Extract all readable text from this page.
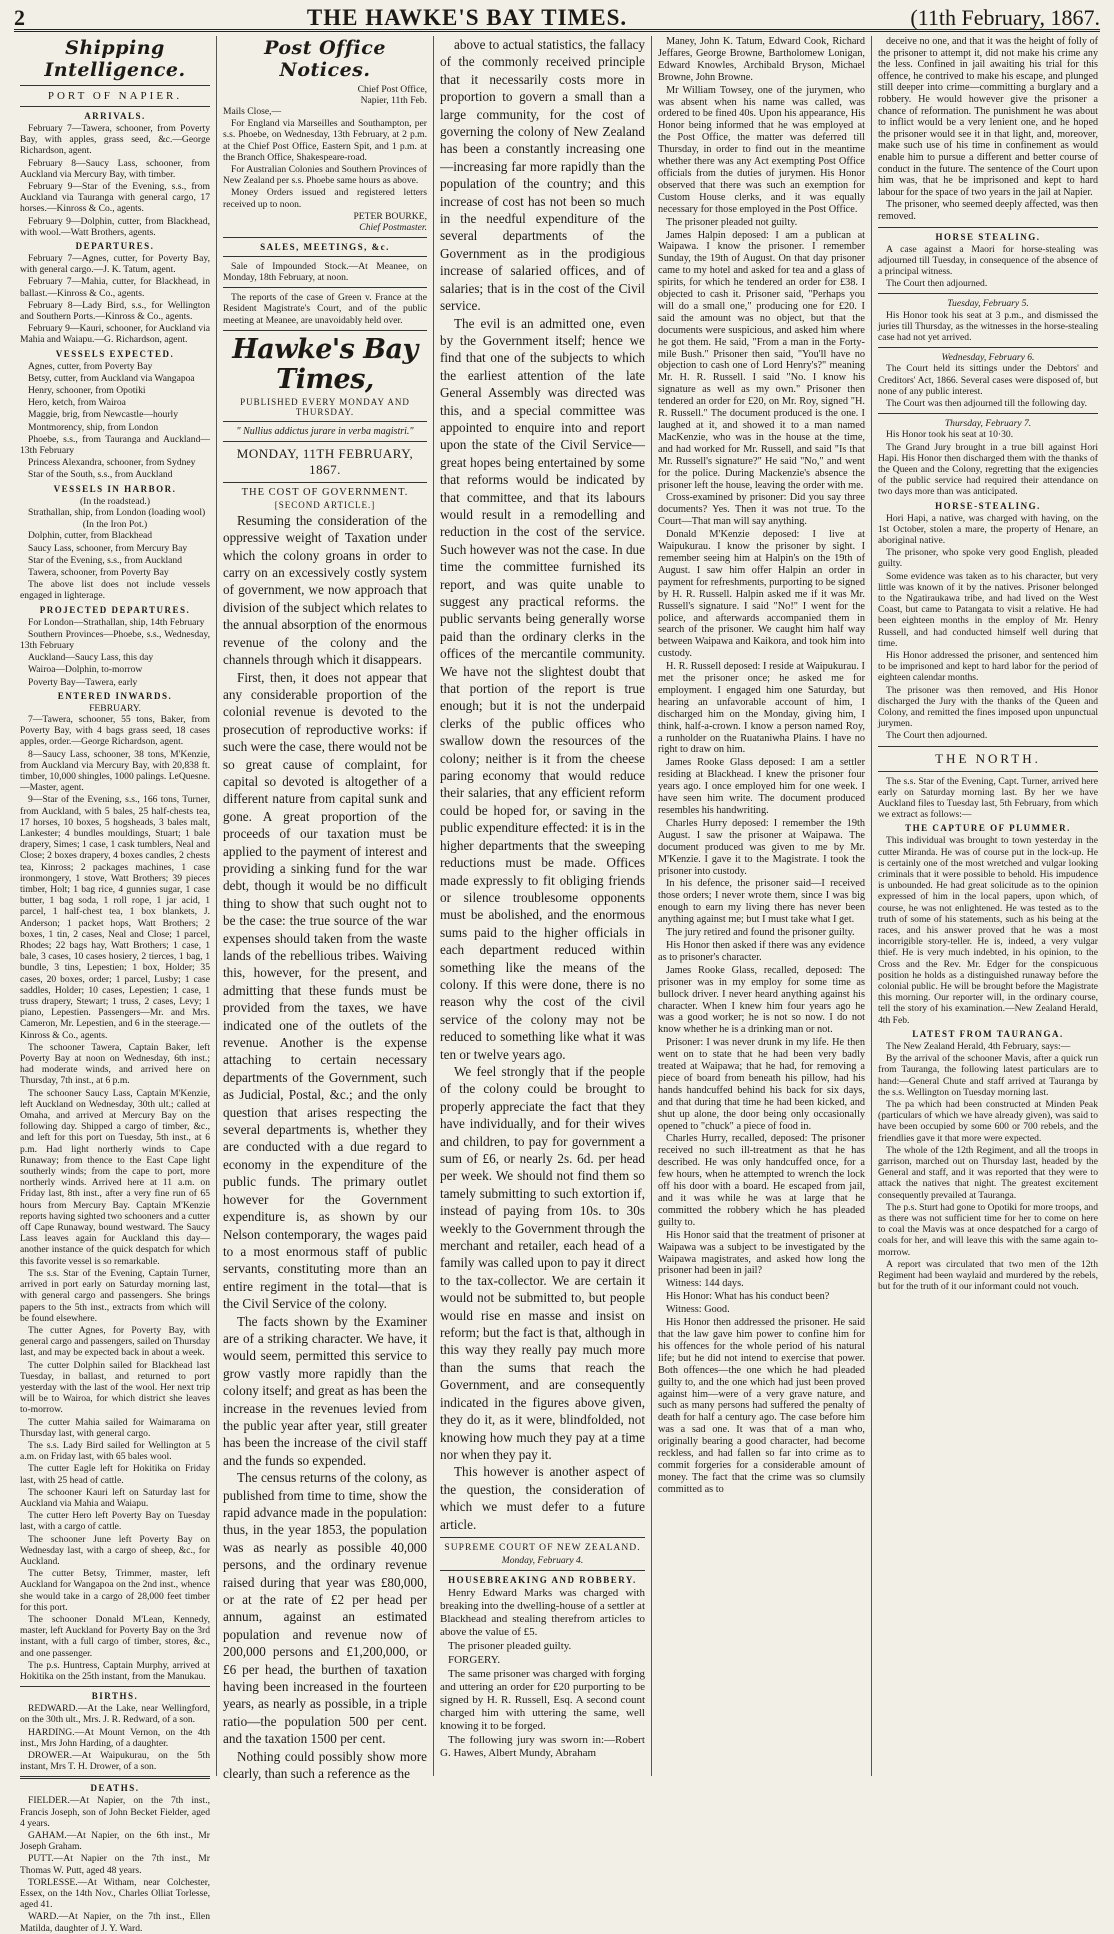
2	THE HAWKE'S BAY TIMES.	(11th February, 1867.
Shipping Intelligence.
PORT OF NAPIER.
ARRIVALS.

February 7—Tawera, schooner, from Poverty Bay, with apples, grass seed, &c.—George Richardson, agent.

February 8—Saucy Lass, schooner, from Auckland via Mercury Bay, with timber.

February 9—Star of the Evening, s.s., from Auckland via Tauranga with general cargo, 17 horses.—Kinross & Co., agents.

February 9—Dolphin, cutter, from Blackhead, with wool.—Watt Brothers, agents.

DEPARTURES.

February 7—Agnes, cutter, for Poverty Bay, with general cargo.—J. K. Tatum, agent.

February 7—Mahia, cutter, for Blackhead, in ballast.—Kinross & Co., agents.

February 8—Lady Bird, s.s., for Wellington and Southern Ports.—Kinross & Co., agents.

February 9—Kauri, schooner, for Auckland via Mahia and Waiapu.—G. Richardson, agent.

VESSELS EXPECTED.

Agnes, cutter, from Poverty Bay

Betsy, cutter, from Auckland via Wangapoa

Henry, schooner, from Opotiki

Hero, ketch, from Wairoa

Maggie, brig, from Newcastle—hourly

Montmorency, ship, from London

Phoebe, s.s., from Tauranga and Auckland—13th February

Princess Alexandra, schooner, from Sydney

Star of the South, s.s., from Auckland

VESSELS IN HARBOR.
(In the roadstead.)

Strathallan, ship, from London (loading wool)

(In the Iron Pot.)

Dolphin, cutter, from Blackhead

Saucy Lass, schooner, from Mercury Bay

Star of the Evening, s.s., from Auckland

Tawera, schooner, from Poverty Bay

The above list does not include vessels engaged in lighterage.

PROJECTED DEPARTURES.

For London—Strathallan, ship, 14th February

Southern Provinces—Phoebe, s.s., Wednesday, 13th February

Auckland—Saucy Lass, this day

Wairoa—Dolphin, to-morrow

Poverty Bay—Tawera, early

ENTERED INWARDS.
FEBRUARY.

7—Tawera, schooner, 55 tons, Baker, from Poverty Bay, with 4 bags grass seed, 18 cases apples, order.—George Richardson, agent.

8—Saucy Lass, schooner, 38 tons, M'Kenzie, from Auckland via Mercury Bay, with 20,838 ft. timber, 10,000 shingles, 1000 palings. LeQuesne.—Master, agent.

9—Star of the Evening, s.s., 166 tons, Turner, from Auckland, with 5 bales, 25 half-chests tea, 17 horses, 10 boxes, 5 hogsheads, 3 bales malt, Lankester; 4 bundles mouldings, Stuart; 1 bale drapery, Simes; 1 case, 1 cask tumblers, Neal and Close; 2 boxes drapery, 4 boxes candles, 2 chests tea, Kinross; 2 packages machines, 1 case ironmongery, 1 stove, Watt Brothers; 39 pieces timber, Holt; 1 bag rice, 4 gunnies sugar, 1 case butter, 1 bag soda, 1 roll rope, 1 jar acid, 1 parcel, 1 half-chest tea, 1 box blankets, J. Anderson; 1 packet hops, Watt Brothers; 2 boxes, 1 tin, 2 cases, Neal and Close; 1 parcel, Rhodes; 22 bags hay, Watt Brothers; 1 case, 1 bale, 3 cases, 10 cases hosiery, 2 tierces, 1 bag, 1 bundle, 3 tins, Lepestien; 1 box, Holder; 35 cases, 20 boxes, order; 1 parcel, Lusby; 1 case saddles, Holder; 10 cases, Lepestien; 1 case, 1 truss drapery, Stewart; 1 truss, 2 cases, Levy; 1 piano, Lepestien. Passengers—Mr. and Mrs. Cameron, Mr. Lepestien, and 6 in the steerage.—Kinross & Co., agents.

The schooner Tawera, Captain Baker, left Poverty Bay at noon on Wednesday, 6th inst.; had moderate winds, and arrived here on Thursday, 7th inst., at 6 p.m.

The schooner Saucy Lass, Captain M'Kenzie, left Auckland on Wednesday, 30th ult.; called at Omaha, and arrived at Mercury Bay on the following day. Shipped a cargo of timber, &c., and left for this port on Tuesday, 5th inst., at 6 p.m. Had light northerly winds to Cape Runaway; from thence to the East Cape light southerly winds; from the cape to port, more northerly winds. Arrived here at 11 a.m. on Friday last, 8th inst., after a very fine run of 65 hours from Mercury Bay. Captain M'Kenzie reports having sighted two schooners and a cutter off Cape Runaway, bound westward. The Saucy Lass leaves again for Auckland this day—another instance of the quick despatch for which this favorite vessel is so remarkable.

The s.s. Star of the Evening, Captain Turner, arrived in port early on Saturday morning last, with general cargo and passengers. She brings papers to the 5th inst., extracts from which will be found elsewhere.

The cutter Agnes, for Poverty Bay, with general cargo and passengers, sailed on Thursday last, and may be expected back in about a week.

The cutter Dolphin sailed for Blackhead last Tuesday, in ballast, and returned to port yesterday with the last of the wool. Her next trip will be to Wairoa, for which district she leaves to-morrow.

The cutter Mahia sailed for Waimarama on Thursday last, with general cargo.

The s.s. Lady Bird sailed for Wellington at 5 a.m. on Friday last, with 65 bales wool.

The cutter Eagle left for Hokitika on Friday last, with 25 head of cattle.

The schooner Kauri left on Saturday last for Auckland via Mahia and Waiapu.

The cutter Hero left Poverty Bay on Tuesday last, with a cargo of cattle.

The schooner June left Poverty Bay on Wednesday last, with a cargo of sheep, &c., for Auckland.

The cutter Betsy, Trimmer, master, left Auckland for Wangapoa on the 2nd inst., whence she would take in a cargo of 28,000 feet timber for this port.

The schooner Donald M'Lean, Kennedy, master, left Auckland for Poverty Bay on the 3rd instant, with a full cargo of timber, stores, &c., and one passenger.

The p.s. Huntress, Captain Murphy, arrived at Hokitika on the 25th instant, from the Manukau.

BIRTHS.

REDWARD.—At the Lake, near Wellingford, on the 30th ult., Mrs. J. R. Redward, of a son.

HARDING.—At Mount Vernon, on the 4th inst., Mrs John Harding, of a daughter.

DROWER.—At Waipukurau, on the 5th instant, Mrs T. H. Drower, of a son.

DEATHS.

FIELDER.—At Napier, on the 7th inst., Francis Joseph, son of John Becket Fielder, aged 4 years.

GAHAM.—At Napier, on the 6th inst., Mr Joseph Graham.

PUTT.—At Napier on the 7th inst., Mr Thomas W. Putt, aged 48 years.

TORLESSE.—At Witham, near Colchester, Essex, on the 14th Nov., Charles Olliat Torlesse, aged 41.

WARD.—At Napier, on the 7th inst., Ellen Matilda, daughter of J. Y. Ward.

Post Office Notices.
Chief Post Office,
Napier, 11th Feb.

Mails Close,—

For England via Marseilles and Southampton, per s.s. Phoebe, on Wednesday, 13th February, at 2 p.m. at the Chief Post Office, Eastern Spit, and 1 p.m. at the Branch Office, Shakespeare-road.

For Australian Colonies and Southern Provinces of New Zealand per s.s. Phoebe same hours as above.

Money Orders issued and registered letters received up to noon.

PETER BOURKE,
Chief Postmaster.
SALES, MEETINGS, &c.

Sale of Impounded Stock.—At Meanee, on Monday, 18th February, at noon.

The reports of the case of Green v. France at the Resident Magistrate's Court, and of the public meeting at Meanee, are unavoidably held over.

Hawke's Bay Times,
PUBLISHED EVERY MONDAY AND THURSDAY.
" Nullius addictus jurare in verba magistri."
MONDAY, 11TH FEBRUARY, 1867.
THE COST OF GOVERNMENT.
[SECOND ARTICLE.]

Resuming the consideration of the oppressive weight of Taxation under which the colony groans in order to carry on an excessively costly system of government, we now approach that division of the subject which relates to the annual absorption of the enormous revenue of the colony and the channels through which it disappears.

First, then, it does not appear that any considerable proportion of the colonial revenue is devoted to the prosecution of reproductive works: if such were the case, there would not be so great cause of complaint, for capital so devoted is altogether of a different nature from capital sunk and gone. A great proportion of the proceeds of our taxation must be applied to the payment of interest and providing a sinking fund for the war debt, though it would be no difficult thing to show that such ought not to be the case: the true source of the war expenses should taken from the waste lands of the rebellious tribes. Waiving this, however, for the present, and admitting that these funds must be provided from the taxes, we have indicated one of the outlets of the revenue. Another is the expense attaching to certain necessary departments of the Government, such as Judicial, Postal, &c.; and the only question that arises respecting the several departments is, whether they are conducted with a due regard to economy in the expenditure of the public funds. The primary outlet however for the Government expenditure is, as shown by our Nelson contemporary, the wages paid to a most enormous staff of public servants, constituting more than an entire regiment in the total—that is the Civil Service of the colony.

The facts shown by the Examiner are of a striking character. We have, it would seem, permitted this service to grow vastly more rapidly than the colony itself; and great as has been the increase in the revenues levied from the public year after year, still greater has been the increase of the civil staff and the funds so expended.

The census returns of the colony, as published from time to time, show the rapid advance made in the population: thus, in the year 1853, the population was as nearly as possible 40,000 persons, and the ordinary revenue raised during that year was £80,000, or at the rate of £2 per head per annum, against an estimated population and revenue now of 200,000 persons and £1,200,000, or £6 per head, the burthen of taxation having been increased in the fourteen years, as nearly as possible, in a triple ratio—the population 500 per cent. and the taxation 1500 per cent.

Nothing could possibly show more clearly, than such a reference as the

above to actual statistics, the fallacy of the commonly received principle that it necessarily costs more in proportion to govern a small than a large community, for the cost of governing the colony of New Zealand has been a constantly increasing one—increasing far more rapidly than the population of the country; and this increase of cost has not been so much in the needful expenditure of the several departments of the Government as in the prodigious increase of salaried offices, and of salaries; that is in the cost of the Civil service.

The evil is an admitted one, even by the Government itself; hence we find that one of the subjects to which the earliest attention of the late General Assembly was directed was this, and a special committee was appointed to enquire into and report upon the state of the Civil Service—great hopes being entertained by some that reforms would be indicated by that committee, and that its labours would result in a remodelling and reduction in the cost of the service. Such however was not the case. In due time the committee furnished its report, and was quite unable to suggest any practical reforms. the public servants being generally worse paid than the ordinary clerks in the offices of the mercantile community. We have not the slightest doubt that that portion of the report is true enough; but it is not the underpaid clerks of the public offices who swallow down the resources of the colony; neither is it from the cheese paring economy that would reduce their salaries, that any efficient reform could be hoped for, or saving in the public expenditure effected: it is in the higher departments that the sweeping reductions must be made. Offices made expressly to fit obliging friends or silence troublesome opponents must be abolished, and the enormous sums paid to the higher officials in each department reduced within something like the means of the colony. If this were done, there is no reason why the cost of the civil service of the colony may not be reduced to something like what it was ten or twelve years ago.

We feel strongly that if the people of the colony could be brought to properly appreciate the fact that they have individually, and for their wives and children, to pay for government a sum of £6, or nearly 2s. 6d. per head per week. We should not find them so tamely submitting to such extortion if, instead of paying from 10s. to 30s weekly to the Government through the merchant and retailer, each head of a family was called upon to pay it direct to the tax-collector. We are certain it would not be submitted to, but people would rise en masse and insist on reform; but the fact is that, although in this way they really pay much more than the sums that reach the Government, and are consequently indicated in the figures above given, they do it, as it were, blindfolded, not knowing how much they pay at a time nor when they pay it.

This however is another aspect of the question, the consideration of which we must defer to a future article.

SUPREME COURT OF NEW ZEALAND.
Monday, February 4.
HOUSEBREAKING AND ROBBERY.

Henry Edward Marks was charged with breaking into the dwelling-house of a settler at Blackhead and stealing therefrom articles to above the value of £5.

The prisoner pleaded guilty.

FORGERY.

The same prisoner was charged with forging and uttering an order for £20 purporting to be signed by H. R. Russell, Esq. A second count charged him with uttering the same, well knowing it to be forged.

The following jury was sworn in:—Robert G. Hawes, Albert Mundy, Abraham

Maney, John K. Tatum, Edward Cook, Richard Jeffares, George Browne, Bartholomew Lonigan, Edward Knowles, Archibald Bryson, Michael Browne, John Browne.

Mr William Towsey, one of the jurymen, who was absent when his name was called, was ordered to be fined 40s. Upon his appearance, His Honor being informed that he was employed at the Post Office, the matter was deferred till Thursday, in order to find out in the meantime whether there was any Act exempting Post Office officials from the duties of jurymen. His Honor observed that there was such an exemption for Custom House clerks, and it was equally necessary for those employed in the Post Office.

The prisoner pleaded not guilty.

James Halpin deposed: I am a publican at Waipawa. I know the prisoner. I remember Sunday, the 19th of August. On that day prisoner came to my hotel and asked for tea and a glass of spirits, for which he tendered an order for £38. I objected to cash it. Prisoner said, "Perhaps you will do a small one," producing one for £20. I said the amount was no object, but that the documents were suspicious, and asked him where he got them. He said, "From a man in the Forty-mile Bush." Prisoner then said, "You'll have no objection to cash one of Lord Henry's?" meaning Mr. H. R. Russell. I said "No. I know his signature as well as my own." Prisoner then tendered an order for £20, on Mr. Roy, signed "H. R. Russell." The document produced is the one. I laughed at it, and showed it to a man named MacKenzie, who was in the house at the time, and had worked for Mr. Russell, and said "Is that Mr. Russell's signature?" He said "No," and went for the police. During Mackenzie's absence the prisoner left the house, leaving the order with me.

Cross-examined by prisoner: Did you say three documents? Yes. Then it was not true. To the Court—That man will say anything.

Donald M'Kenzie deposed: I live at Waipukurau. I know the prisoner by sight. I remember seeing him at Halpin's on the 19th of August. I saw him offer Halpin an order in payment for refreshments, purporting to be signed by H. R. Russell. Halpin asked me if it was Mr. Russell's signature. I said "No!" I went for the police, and afterwards accompanied them in search of the prisoner. We caught him half way between Waipawa and Kaikora, and took him into custody.

H. R. Russell deposed: I reside at Waipukurau. I met the prisoner once; he asked me for employment. I engaged him one Saturday, but hearing an unfavorable account of him, I discharged him on the Monday, giving him, I think, half-a-crown. I know a person named Roy, a runholder on the Ruataniwha Plains. I have no right to draw on him.

James Rooke Glass deposed: I am a settler residing at Blackhead. I knew the prisoner four years ago. I once employed him for one week. I have seen him write. The document produced resembles his handwriting.

Charles Hurry deposed: I remember the 19th August. I saw the prisoner at Waipawa. The document produced was given to me by Mr. M'Kenzie. I gave it to the Magistrate. I took the prisoner into custody.

In his defence, the prisoner said—I received those orders; I never wrote them, since I was big enough to earn my living there has never been anything against me; but I must take what I get.

The jury retired and found the prisoner guilty.

His Honor then asked if there was any evidence as to prisoner's character.

James Rooke Glass, recalled, deposed: The prisoner was in my employ for some time as bullock driver. I never heard anything against his character. When I knew him four years ago he was a good worker; he is not so now. I do not know whether he is a drinking man or not.

Prisoner: I was never drunk in my life. He then went on to state that he had been very badly treated at Waipawa; that he had, for removing a piece of board from beneath his pillow, had his hands handcuffed behind his back for six days, and that during that time he had been kicked, and shut up alone, the door being only occasionally opened to "chuck" a piece of food in.

Charles Hurry, recalled, deposed: The prisoner received no such ill-treatment as that he has described. He was only handcuffed once, for a few hours, when he attempted to wrench the lock off his door with a board. He escaped from jail, and it was while he was at large that he committed the robbery which he has pleaded guilty to.

His Honor said that the treatment of prisoner at Waipawa was a subject to be investigated by the Waipawa magistrates, and asked how long the prisoner had been in jail?

Witness: 144 days.

His Honor: What has his conduct been?

Witness: Good.

His Honor then addressed the prisoner. He said that the law gave him power to confine him for his offences for the whole period of his natural life; but he did not intend to exercise that power. Both offences—the one which he had pleaded guilty to, and the one which had just been proved against him—were of a very grave nature, and such as many persons had suffered the penalty of death for half a century ago. The case before him was a sad one. It was that of a man who, originally bearing a good character, had become reckless, and had fallen so far into crime as to commit forgeries for a considerable amount of money. The fact that the crime was so clumsily committed as to

deceive no one, and that it was the height of folly of the prisoner to attempt it, did not make his crime any the less. Confined in jail awaiting his trial for this offence, he contrived to make his escape, and plunged still deeper into crime—committing a burglary and a robbery. He would however give the prisoner a chance of reformation. The punishment he was about to inflict would be a very lenient one, and he hoped the prisoner would see it in that light, and, moreover, make such use of his time in confinement as would enable him to pursue a different and better course of conduct in the future. The sentence of the Court upon him was, that he be imprisoned and kept to hard labour for the space of two years in the jail at Napier.

The prisoner, who seemed deeply affected, was then removed.

HORSE STEALING.

A case against a Maori for horse-stealing was adjourned till Tuesday, in consequence of the absence of a principal witness.

The Court then adjourned.

Tuesday, February 5.

His Honor took his seat at 3 p.m., and dismissed the juries till Thursday, as the witnesses in the horse-stealing case had not yet arrived.

Wednesday, February 6.

The Court held its sittings under the Debtors' and Creditors' Act, 1866. Several cases were disposed of, but none of any public interest.

The Court was then adjourned till the following day.

Thursday, February 7.

His Honor took his seat at 10·30.

The Grand Jury brought in a true bill against Hori Hapi. His Honor then discharged them with the thanks of the Queen and the Colony, regretting that the exigencies of the public service had required their attendance on two days more than was anticipated.

HORSE-STEALING.

Hori Hapi, a native, was charged with having, on the 1st October, stolen a mare, the property of Henare, an aboriginal native.

The prisoner, who spoke very good English, pleaded guilty.

Some evidence was taken as to his character, but very little was known of it by the natives. Prisoner belonged to the Ngatiraukawa tribe, and had lived on the West Coast, but came to Patangata to visit a relative. He had been eighteen months in the employ of Mr. Henry Russell, and had conducted himself well during that time.

His Honor addressed the prisoner, and sentenced him to be imprisoned and kept to hard labor for the period of eighteen calendar months.

The prisoner was then removed, and His Honor discharged the Jury with the thanks of the Queen and Colony, and remitted the fines imposed upon unpunctual jurymen.

The Court then adjourned.

THE NORTH.

The s.s. Star of the Evening, Capt. Turner, arrived here early on Saturday morning last. By her we have Auckland files to Tuesday last, 5th February, from which we extract as follows:—

THE CAPTURE OF PLUMMER.

This individual was brought to town yesterday in the cutter Miranda. He was of course put in the lock-up. He is certainly one of the most wretched and vulgar looking criminals that it were possible to behold. His impudence is unbounded. He had great solicitude as to the opinion expressed of him in the local papers, upon which, of course, he was not enlightened. He was tested as to the truth of some of his statements, such as his being at the races, and his answer proved that he was a most incorrigible story-teller. He is, indeed, a very vulgar thief. He is very much indebted, in his opinion, to the Cross and the Rev. Mr. Edger for the conspicuous position he holds as a distinguished runaway before the colonial public. He will be brought before the Magistrate this morning. Our reporter will, in the ordinary course, tell the story of his examination.—New Zealand Herald, 4th Feb.

LATEST FROM TAURANGA.

The New Zealand Herald, 4th February, says:—

By the arrival of the schooner Mavis, after a quick run from Tauranga, the following latest particulars are to hand:—General Chute and staff arrived at Tauranga by the s.s. Wellington on Tuesday morning last.

The pa which had been constructed at Minden Peak (particulars of which we have already given), was said to have been occupied by some 600 or 700 rebels, and the friendlies gave it that more were expected.

The whole of the 12th Regiment, and all the troops in garrison, marched out on Thursday last, headed by the General and staff, and it was reported that they were to attack the natives that night. The greatest excitement consequently prevailed at Tauranga.

The p.s. Sturt had gone to Opotiki for more troops, and as there was not sufficient time for her to come on here to coal the Mavis was at once despatched for a cargo of coals for her, and will leave this with the same again to-morrow.

A report was circulated that two men of the 12th Regiment had been waylaid and murdered by the rebels, but for the truth of it our informant could not vouch.
